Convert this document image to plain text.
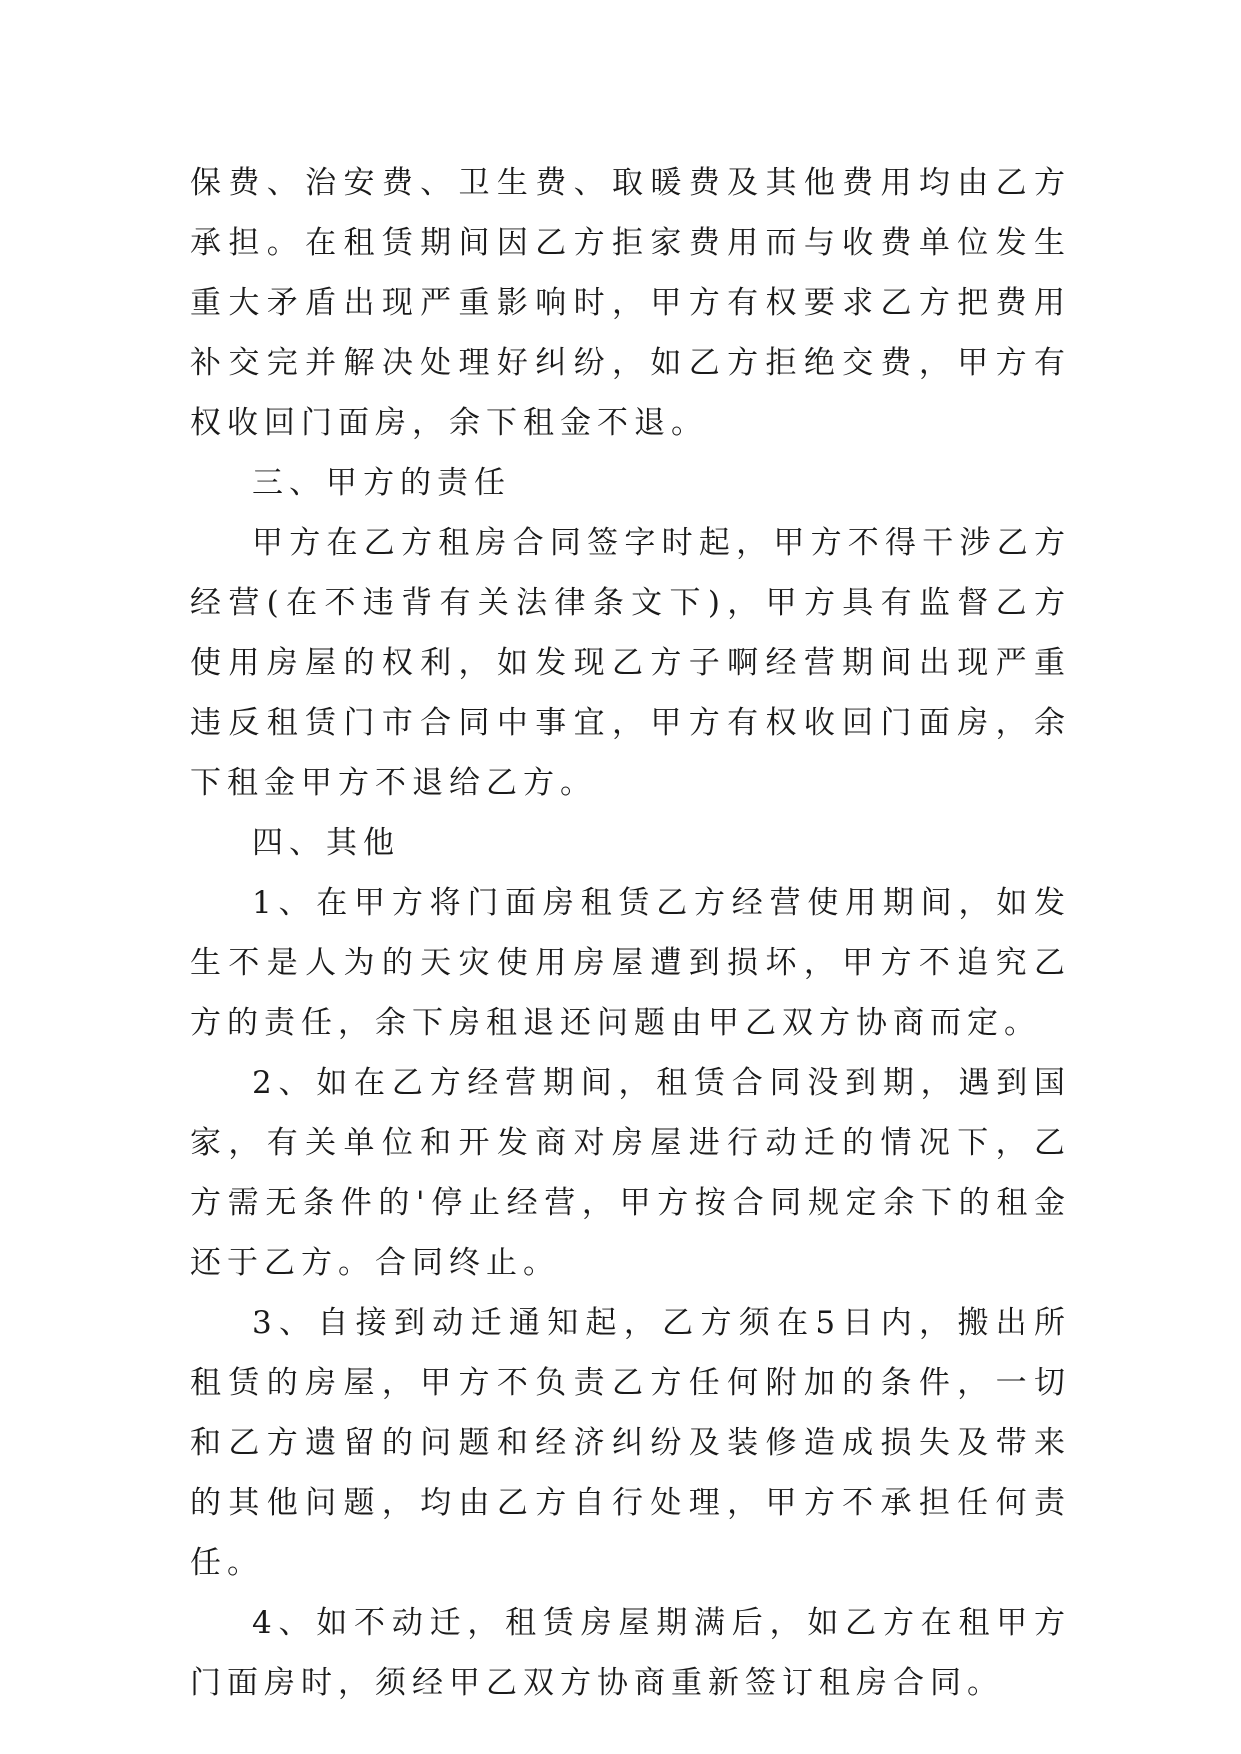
保费、治安费、卫生费、取暖费及其他费用均由乙方承担。在租赁期间因乙方拒家费用而与收费单位发生重大矛盾出现严重影响时，甲方有权要求乙方把费用补交完并解决处理好纠纷，如乙方拒绝交费，甲方有权收回门面房，余下租金不退。

三、甲方的责任

甲方在乙方租房合同签字时起，甲方不得干涉乙方经营(在不违背有关法律条文下)，甲方具有监督乙方使用房屋的权利，如发现乙方子啊经营期间出现严重违反租赁门市合同中事宜，甲方有权收回门面房，余下租金甲方不退给乙方。

四、其他

1、在甲方将门面房租赁乙方经营使用期间，如发生不是人为的天灾使用房屋遭到损坏，甲方不追究乙方的责任，余下房租退还问题由甲乙双方协商而定。

2、如在乙方经营期间，租赁合同没到期，遇到国家，有关单位和开发商对房屋进行动迁的情况下，乙方需无条件的'停止经营，甲方按合同规定余下的租金还于乙方。合同终止。

3、自接到动迁通知起，乙方须在5日内，搬出所租赁的房屋，甲方不负责乙方任何附加的条件，一切和乙方遗留的问题和经济纠纷及装修造成损失及带来的其他问题，均由乙方自行处理，甲方不承担任何责任。

4、如不动迁，租赁房屋期满后，如乙方在租甲方门面房时，须经甲乙双方协商重新签订租房合同。
